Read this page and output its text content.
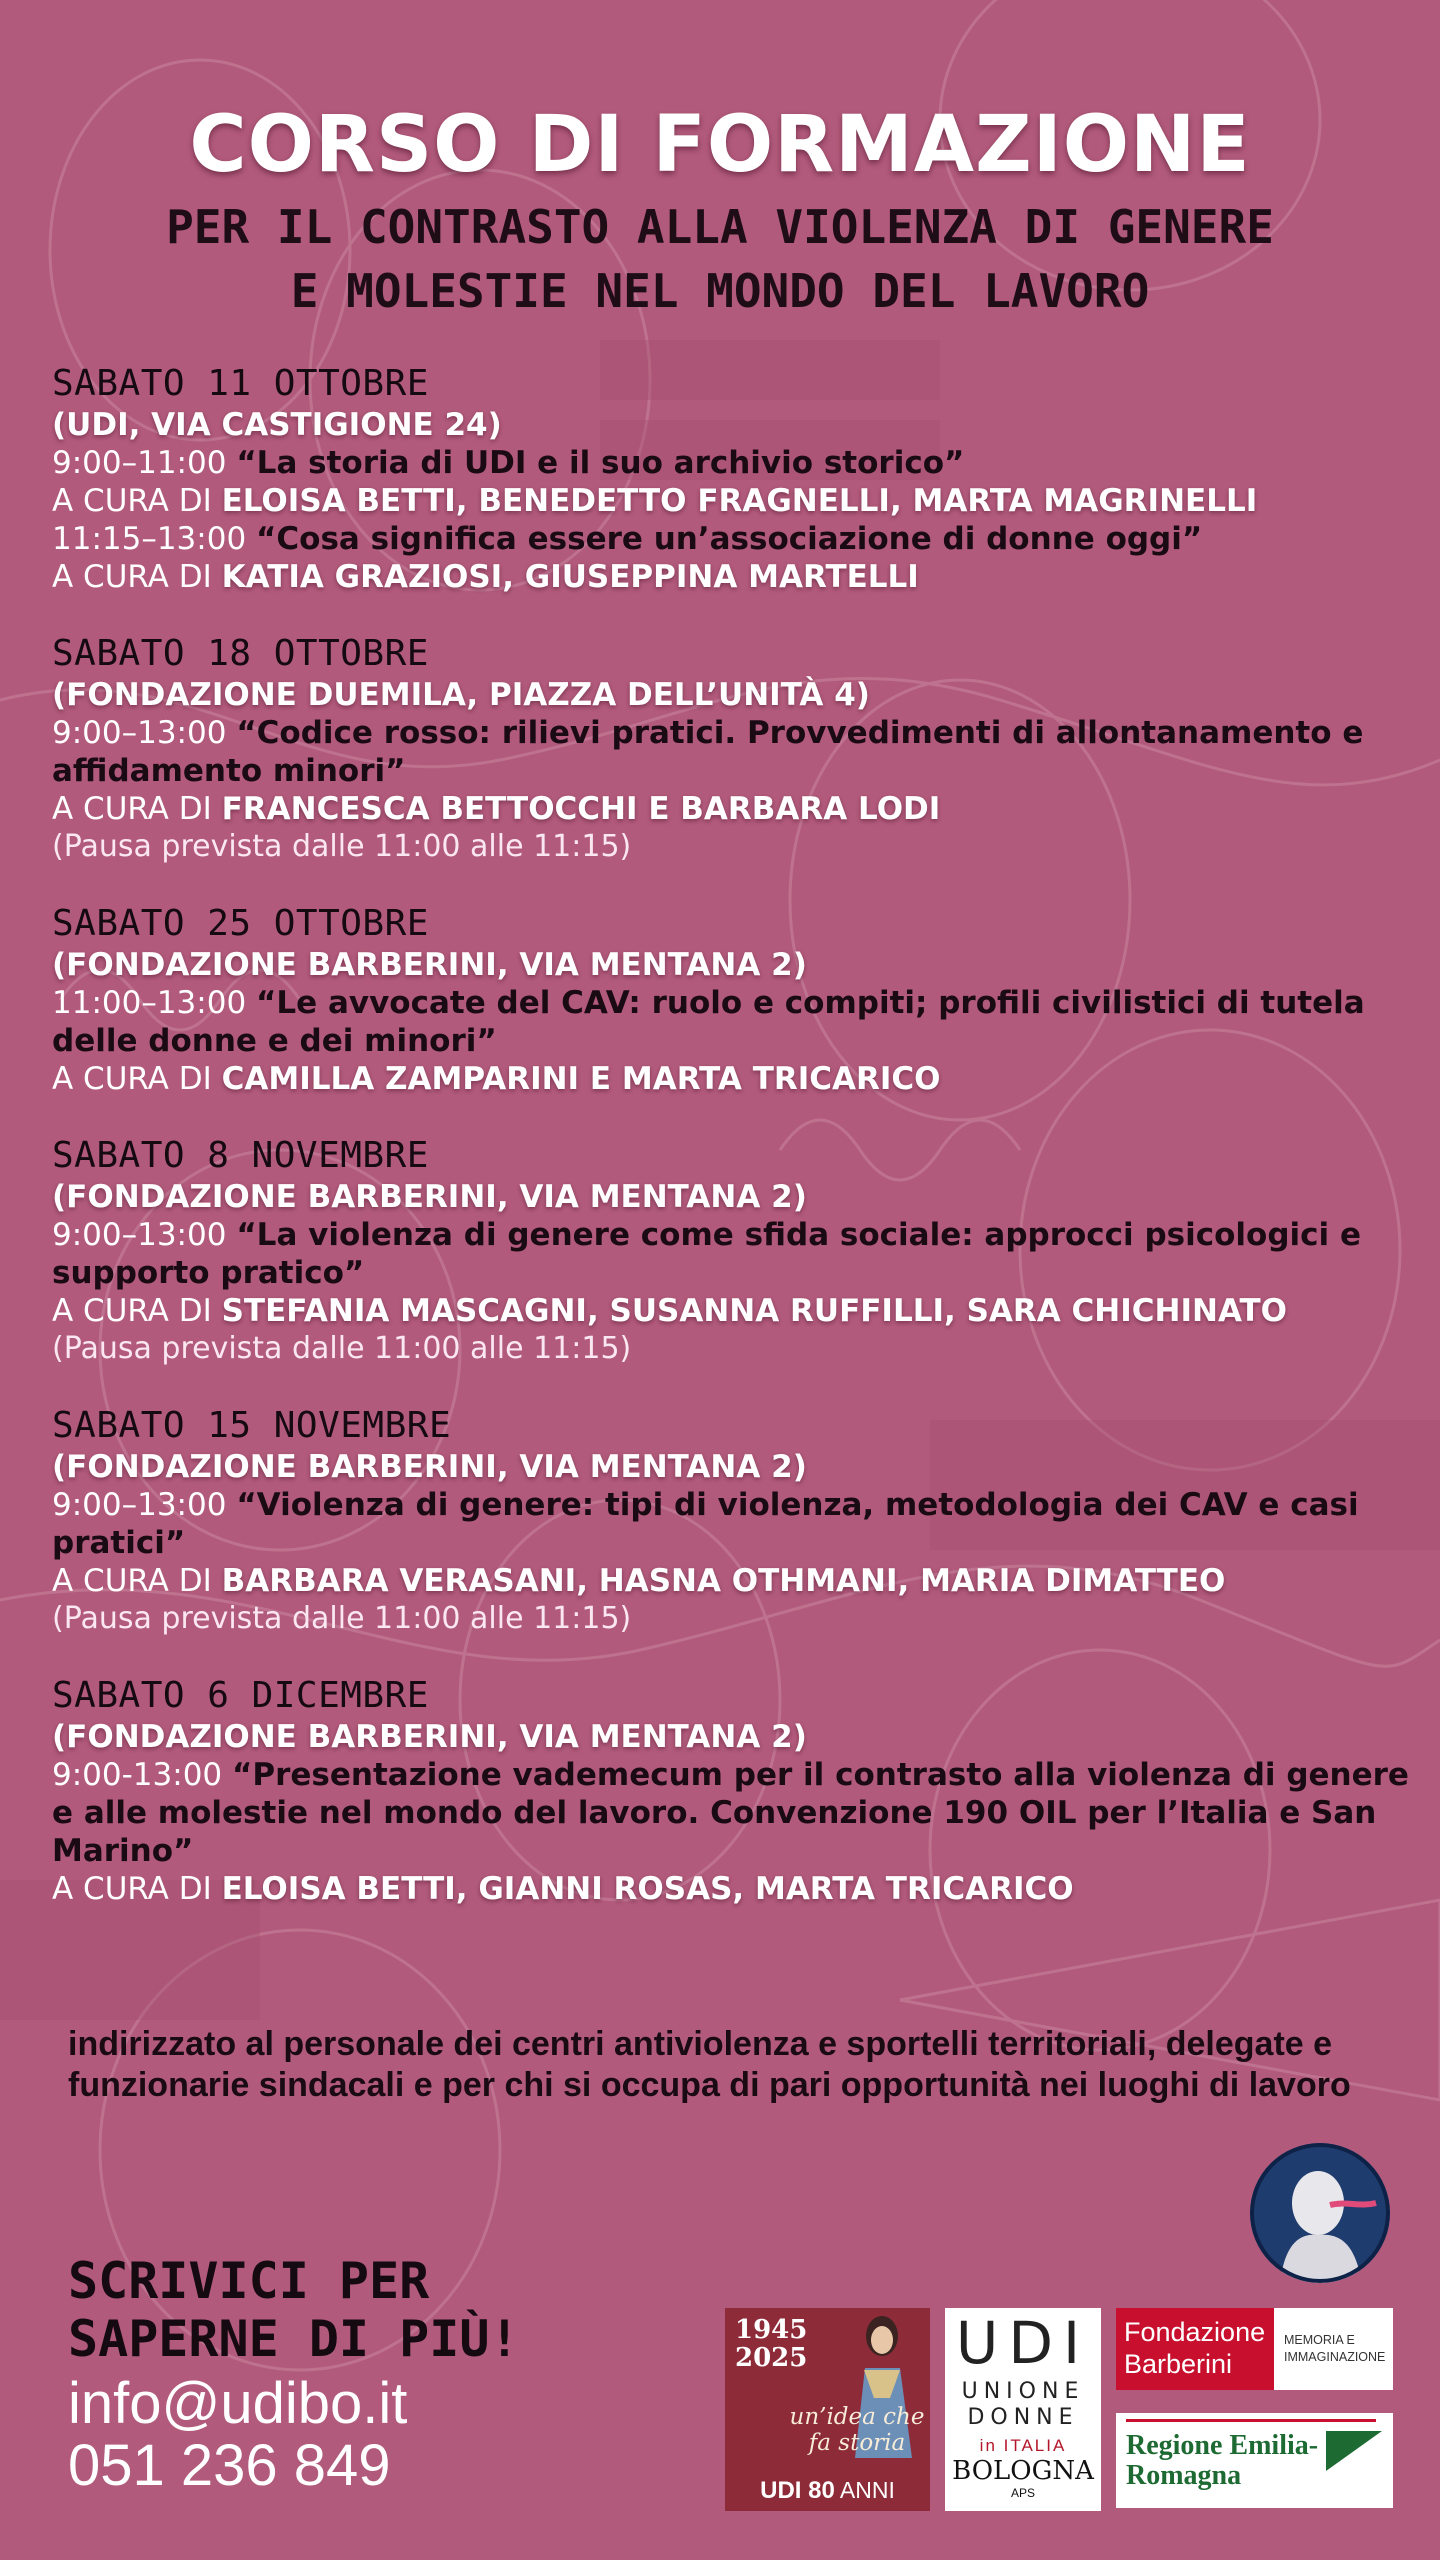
CORSO DI FORMAZIONE

PER IL CONTRASTO ALLA VIOLENZA DI GENERE
E MOLESTIE NEL MONDO DEL LAVORO

SABATO 11 OTTOBRE
(UDI, VIA CASTIGIONE 24)
9:00–11:00 “La storia di UDI e il suo archivio storico”
A CURA DI ELOISA BETTI, BENEDETTO FRAGNELLI, MARTA MAGRINELLI
11:15–13:00 “Cosa significa essere un’associazione di donne oggi”
A CURA DI KATIA GRAZIOSI, GIUSEPPINA MARTELLI
SABATO 18 OTTOBRE
(FONDAZIONE DUEMILA, PIAZZA DELL’UNITÀ 4)
9:00–13:00 “Codice rosso: rilievi pratici. Provvedimenti di allontanamento e affidamento minori”
A CURA DI FRANCESCA BETTOCCHI E BARBARA LODI
(Pausa prevista dalle 11:00 alle 11:15)
SABATO 25 OTTOBRE
(FONDAZIONE BARBERINI, VIA MENTANA 2)
11:00–13:00 “Le avvocate del CAV: ruolo e compiti; profili civilistici di tutela delle donne e dei minori”
A CURA DI CAMILLA ZAMPARINI E MARTA TRICARICO
SABATO 8 NOVEMBRE
(FONDAZIONE BARBERINI, VIA MENTANA 2)
9:00–13:00 “La violenza di genere come sfida sociale: approcci psicologici e supporto pratico”
A CURA DI STEFANIA MASCAGNI, SUSANNA RUFFILLI, SARA CHICHINATO
(Pausa prevista dalle 11:00 alle 11:15)
SABATO 15 NOVEMBRE
(FONDAZIONE BARBERINI, VIA MENTANA 2)
9:00–13:00 “Violenza di genere: tipi di violenza, metodologia dei CAV e casi pratici”
A CURA DI BARBARA VERASANI, HASNA OTHMANI, MARIA DIMATTEO
(Pausa prevista dalle 11:00 alle 11:15)
SABATO 6 DICEMBRE
(FONDAZIONE BARBERINI, VIA MENTANA 2)
9:00-13:00 “Presentazione vademecum per il contrasto alla violenza di genere e alle molestie nel mondo del lavoro. Convenzione 190 OIL per l’Italia e San Marino”
A CURA DI ELOISA BETTI, GIANNI ROSAS, MARTA TRICARICO

indirizzato al personale dei centri antiviolenza e sportelli territoriali, delegate e funzionarie sindacali e per chi si occupa di pari opportunità nei luoghi di lavoro

SCRIVICI PER
SAPERNE DI PIÙ!

info@udibo.it
051 236 849
1945
2025
un’idea che fa storia
UDI 80 ANNI
UDI
UNIONE
DONNE
in ITALIA
BOLOGNA
APS
Fondazione Barberini
MEMORIA E IMMAGINAZIONE
Regione Emilia-Romagna
